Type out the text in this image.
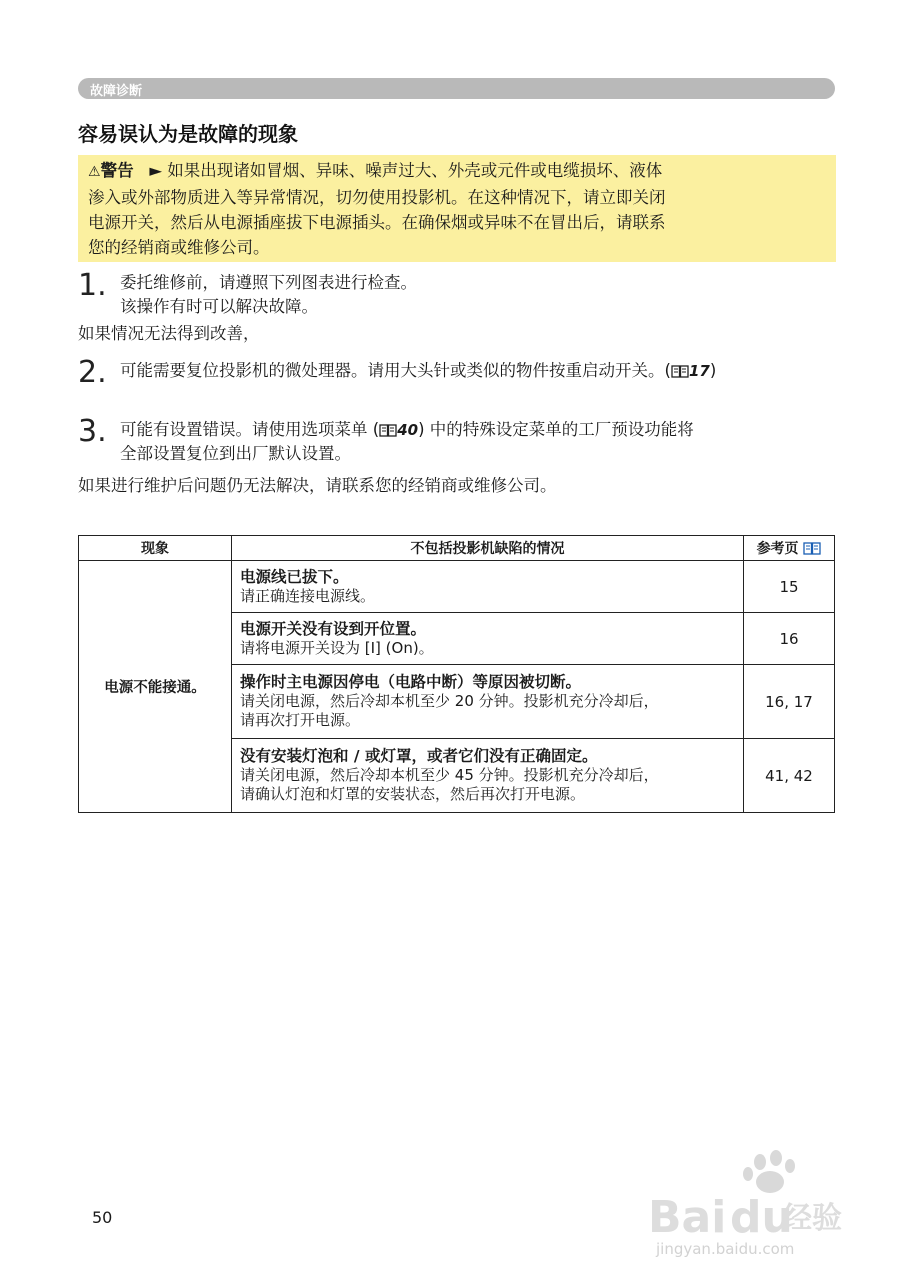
故障诊断
容易误认为是故障的现象
⚠警告 ► 如果出现诸如冒烟、异味、噪声过大、外壳或元件或电缆损坏、液体
渗入或外部物质进入等异常情况，切勿使用投影机。在这种情况下，请立即关闭
电源开关，然后从电源插座拔下电源插头。在确保烟或异味不在冒出后，请联系
您的经销商或维修公司。
1. 委托维修前，请遵照下列图表进行检查。
该操作有时可以解决故障。
如果情况无法得到改善，
2. 可能需要复位投影机的微处理器。请用大头针或类似的物件按重启动开关。( 17)
3. 可能有设置错误。请使用选项菜单 ( 40) 中的特殊设定菜单的工厂预设功能将
全部设置复位到出厂默认设置。
如果进行维护后问题仍无法解决，请联系您的经销商或维修公司。
现象	不包括投影机缺陷的情况	参考页
电源不能接通。	电源线已拔下。
请正确连接电源线。	15

	电源开关没有设到开位置。
请将电源开关设为 [I] (On)。	16

	操作时主电源因停电（电路中断）等原因被切断。
请关闭电源，然后冷却本机至少 20 分钟。投影机充分冷却后，
请再次打开电源。	16, 17

	没有安装灯泡和 / 或灯罩，或者它们没有正确固定。
请关闭电源，然后冷却本机至少 45 分钟。投影机充分冷却后，
请确认灯泡和灯罩的安装状态，然后再次打开电源。	41, 42
50	Bai du
经验
jingyan.baidu.com
